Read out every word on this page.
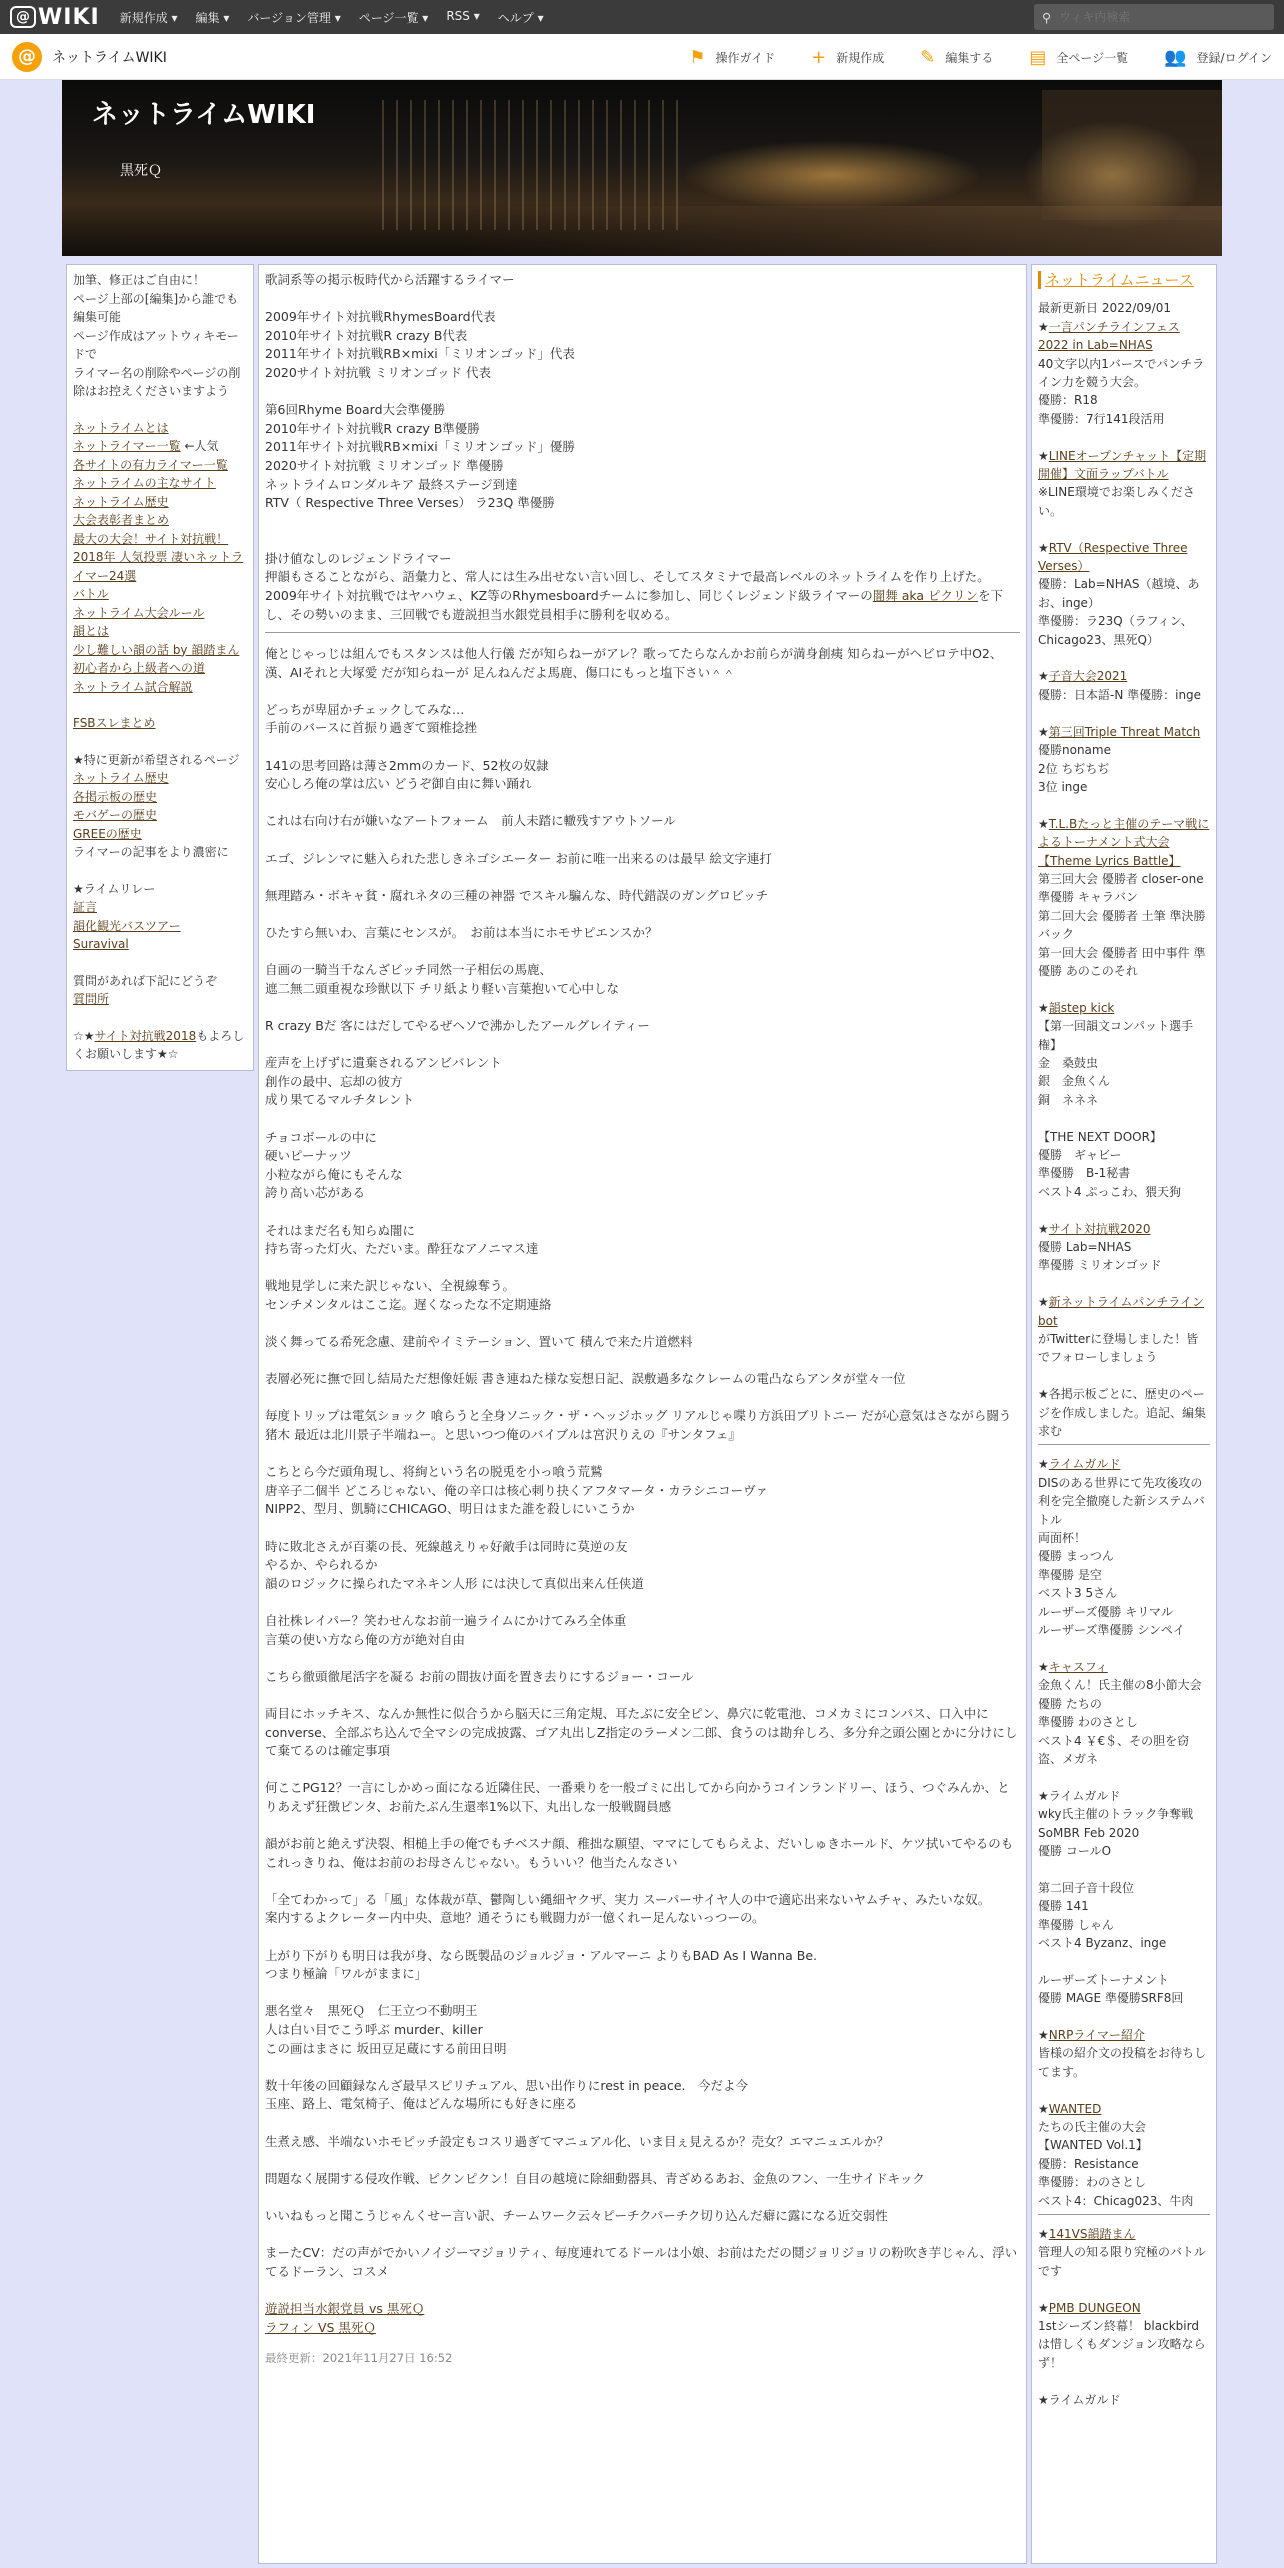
@ WIKI 新規作成 ▾ 編集 ▾ バージョン管理 ▾ ページ一覧 ▾ RSS ▾ ヘルプ ▾	⚲
ウィキ内検索
@	ネットライムWIKI	⚑ 操作ガイド + 新規作成 ✎ 編集する ▤ 全ページ一覧 👥 登録/ログイン
ネットライムWIKI
黒死Ｑ
加筆、修正はご自由に！
ページ上部の[編集]から誰でも編集可能
ページ作成はアットウィキモードで
ライマー名の削除やページの削除はお控えくださいますよう
ネットライムとは
ネットライマー一覧 ←人気
各サイトの有力ライマー一覧
ネットライムの主なサイト
ネットライム歴史
大会表彰者まとめ
最大の大会！サイト対抗戦！
2018年 人気投票 凄いネットライマー24選
バトル
ネットライム大会ルール
韻とは
少し難しい韻の話 by 韻踏まん
初心者から上級者への道
ネットライム試合解説
FSBスレまとめ
★特に更新が希望されるページ
ネットライム歴史
各掲示板の歴史
モバゲーの歴史
GREEの歴史
ライマーの記事をより濃密に
★ライムリレー
証言
韻化観光バスツアー
Suravival
質問があれば下記にどうぞ
質問所
☆★サイト対抗戦2018もよろしくお願いします★☆

歌詞系等の掲示板時代から活躍するライマー

2009年サイト対抗戦RhymesBoard代表

2010年サイト対抗戦R crazy B代表

2011年サイト対抗戦RB×mixi「ミリオンゴッド」代表

2020サイト対抗戦 ミリオンゴッド 代表

第6回Rhyme Board大会準優勝

2010年サイト対抗戦R crazy B準優勝

2011年サイト対抗戦RB×mixi「ミリオンゴッド」優勝

2020サイト対抗戦 ミリオンゴッド 準優勝

ネットライムロンダルキア 最終ステージ到達

RTV（ Respective Three Verses） ラ23Q 準優勝

掛け値なしのレジェンドライマー

押韻もさることながら、語彙力と、常人には生み出せない言い回し、そしてスタミナで最高レベルのネットライムを作り上げた。

2009年サイト対抗戦ではヤハウェ、KZ等のRhymesboardチームに参加し、同じくレジェンド級ライマーの闇舞 aka ピクリンを下し、その勢いのまま、三回戦でも遊説担当水銀党員相手に勝利を収める。

俺とじゃっじは組んでもスタンスは他人行儀 だが知らねーがアレ？歌ってたらなんかお前らが満身創痍 知らねーがヘビロテ中O2、漢、AIそれと大塚愛 だが知らねーが 足んねんだよ馬鹿、傷口にもっと塩下さい＾＾

どっちが卑屈かチェックしてみな…

手前のバースに首振り過ぎて頸椎捻挫

141の思考回路は薄さ2mmのカード、52枚の奴隷

安心しろ俺の掌は広い どうぞ御自由に舞い踊れ

これは右向け右が嫌いなアートフォーム　前人未踏に轍残すアウトソール

エゴ、ジレンマに魅入られた悲しきネゴシエーター お前に唯一出来るのは最早 絵文字連打

無理踏み・ボキャ貧・腐れネタの三種の神器 でスキル騙んな、時代錯誤のガングロビッチ

ひたすら無いわ、言葉にセンスが。　お前は本当にホモサピエンスか？

自画の一騎当千なんざビッチ同然一子相伝の馬鹿、

遮二無二頭重視な珍獣以下 チリ紙より軽い言葉抱いて心中しな

R crazy Bだ 客にはだしてやるぜヘソで沸かしたアールグレイティー

産声を上げずに遺棄されるアンビバレント

創作の最中、忘却の彼方

成り果てるマルチタレント

チョコボールの中に

硬いピーナッツ

小粒ながら俺にもそんな

誇り高い芯がある

それはまだ名も知らぬ闇に

持ち寄った灯火、ただいま。酔狂なアノニマス達

戦地見学しに来た訳じゃない、全視線奪う。

センチメンタルはここ迄。遅くなったな不定期連絡

淡く舞ってる希死念慮、建前やイミテーション、置いて 積んで来た片道燃料

表層必死に撫で回し結局ただ想像妊娠 書き連ねた様な妄想日記、誤敷過多なクレームの電凸ならアンタが堂々一位

毎度トリップは電気ショック 喰らうと全身ソニック・ザ・ヘッジホッグ リアルじゃ喋り方浜田ブリトニー だが心意気はさながら闘う猪木 最近は北川景子半端ねー。と思いつつ俺のバイブルは宮沢りえの『サンタフェ』

こちとら今だ頭角現し、将絢という名の脱兎を小っ喰う荒鷲

唐辛子二個半 どころじゃない、俺の辛口は核心刺り抉くアフタマータ・カラシニコーヴァ

NIPP2、型月、凱騎にCHICAGO、明日はまた誰を殺しにいこうか

時に敗北さえが百薬の長、死線越えりゃ好敵手は同時に莫逆の友

やるか、やられるか

韻のロジックに操られたマネキン人形 には決して真似出来ん任侠道

自社株レイパー？笑わせんなお前一遍ライムにかけてみろ全体重

言葉の使い方なら俺の方が絶対自由

こちら徹頭徹尾活字を凝る お前の間抜け面を置き去りにするジョー・コール

両目にホッチキス、なんか無性に似合うから脳天に三角定規、耳たぶに安全ピン、鼻穴に乾電池、コメカミにコンパス、口入中にconverse、全部ぶち込んで全マシの完成披露、ゴア丸出しZ指定のラーメン二郎、食うのは勘弁しろ、多分弁之頭公園とかに分けにして棄てるのは確定事項

何ここPG12？一言にしかめっ面になる近隣住民、一番乗りを一般ゴミに出してから向かうコインランドリー、ほう、つぐみんか、とりあえず狂徴ピンタ、お前たぶん生還率1%以下、丸出しな一般戦闘員感

韻がお前と絶えず決裂、相槌上手の俺でもチベスナ顔、稚拙な願望、ママにしてもらえよ、だいしゅきホールド、ケツ拭いてやるのもこれっきりね、俺はお前のお母さんじゃない。もういい？他当たんなさい

「全てわかって」る「風」な体裁が草、鬱陶しい縄細ヤクザ、実力 スーパーサイヤ人の中で適応出来ないヤムチャ、みたいな奴。

案内するよクレーター内中央、意地？通そうにも戦闘力が一億くれー足んないっつーの。

上がり下がりも明日は我が身、なら既製品のジョルジョ・アルマーニ よりもBAD As I Wanna Be.

つまり極論「ワルがままに」

悪名堂々　黒死Ｑ　仁王立つ不動明王

人は白い目でこう呼ぶ murder、killer

この画はまさに 坂田豆足蔵にする前田日明

数十年後の回顧録なんざ最早スピリチュアル、思い出作りにrest in peace.　今だよ今

玉座、路上、電気椅子、俺はどんな場所にも好きに座る

生煮え感、半端ないホモピッチ設定もコスリ過ぎてマニュアル化、いま目ぇ見えるか？売女？エマニュエルか？

問題なく展開する侵攻作戦、ピクンピクン！自目の越境に除細動器具、青ざめるあお、金魚のフン、一生サイドキック

いいねもっと聞こうじゃんくせー言い訳、チームワーク云々ピーチクパーチク切り込んだ癖に露になる近交弱性

まーたCV：だの声がでかいノイジーマジョリティ、毎度連れてるドールは小娘、お前はただの鬩ジョリジョリの粉吹き芋じゃん、浮いてるドーラン、コスメ

遊説担当水銀党員 vs 黒死Ｑ

ラフィン VS 黒死Ｑ

最終更新：2021年11月27日 16:52
ネットライムニュース
最新更新日 2022/09/01
★一言パンチラインフェス2022 in Lab=NHAS
40文字以内1バースでパンチライン力を競う大会。
優勝：R18
準優勝：7行141段活用
★LINEオープンチャット【定期開催】文面ラップバトル
※LINE環境でお楽しみください。
★RTV（Respective Three Verses）
優勝：Lab=NHAS（越境、あお、inge）
準優勝：ラ23Q（ラフィン、Chicago23、黒死Q）
★子音大会2021
優勝：日本語-N 準優勝：inge
★第三回Triple Threat Match
優勝noname
2位 ちぢちぢ
3位 inge
★T.L.Bたっと主催のテーマ戦によるトーナメント式大会【Theme Lyrics Battle】
第三回大会 優勝者 closer-one 準優勝 キャラバン
第二回大会 優勝者 土筆 準決勝 バック
第一回大会 優勝者 田中事件 準優勝 あのこのそれ
★韻step kick
【第一回韻文コンパット選手権】
金　桑鼓虫
銀　金魚くん
銅　ネネネ
【THE NEXT DOOR】
優勝　ギャビー
準優勝　B-1秘書
ベスト4 ぷっこわ、猥天狗
★サイト対抗戦2020
優勝 Lab=NHAS
準優勝 ミリオンゴッド
★新ネットライムパンチラインbot
がTwitterに登場しました！皆でフォローしましょう
★各掲示板ごとに、歴史のページを作成しました。追記、編集求む
★ライムガルド
DISのある世界にて先攻後攻の利を完全撤廃した新システムバトル
両面杯！
優勝 まっつん
準優勝 是空
ベスト3 5さん
ルーザーズ優勝 キリマル
ルーザーズ準優勝 シンペイ
★キャスフィ
金魚くん！氏主催の8小節大会
優勝 たちの
準優勝 わのさとし
ベスト4 ￥€＄、その胆を窃盗、メガネ
★ライムガルド
wky氏主催のトラック争奪戦SoMBR Feb 2020
優勝 コールO
第二回子音十段位
優勝 141
準優勝 しゃん
ベスト4 Byzanz、inge
ルーザーズトーナメント
優勝 MAGE 準優勝SRF8回
★NRPライマー紹介
皆様の紹介文の投稿をお待ちしてます。
★WANTED
たちの氏主催の大会
【WANTED Vol.1】
優勝：Resistance
準優勝：わのさとし
ベスト4：Chicag023、牛肉
★141VS韻踏まん
管理人の知る限り究極のバトルです
★PMB DUNGEON
1stシーズン終幕！ blackbirdは惜しくもダンジョン攻略ならず！
★ライムガルド
